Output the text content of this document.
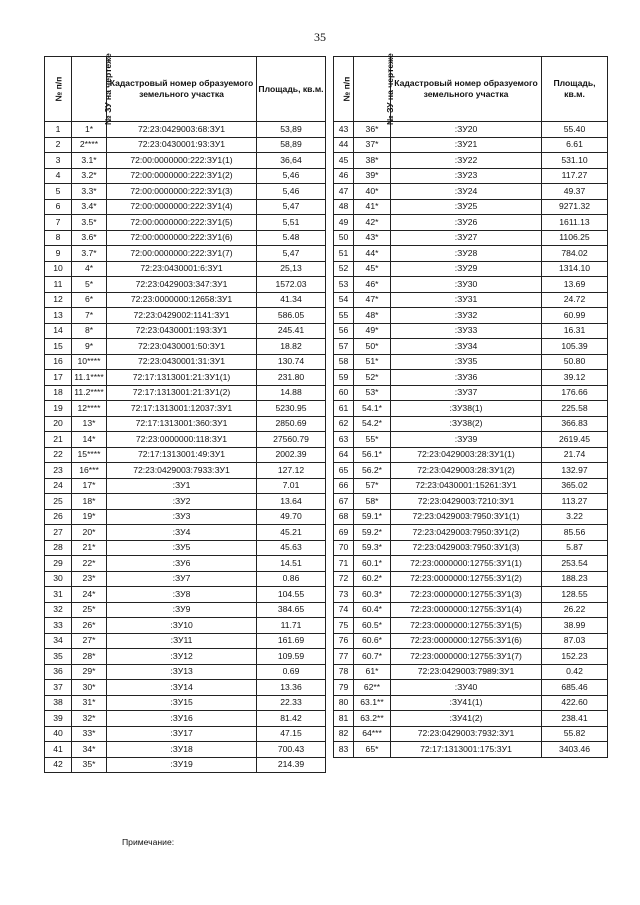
35
№ п/п	№ ЗУ на чертеже	Кадастровый номер образуемого земельного участка	Площадь, кв.м.
1	1*	72:23:0429003:68:ЗУ1	53,89
2	2****	72:23:0430001:93:ЗУ1	58,89
3	3.1*	72:00:0000000:222:ЗУ1(1)	36,64
4	3.2*	72:00:0000000:222:ЗУ1(2)	5,46
5	3.3*	72:00:0000000:222:ЗУ1(3)	5,46
6	3.4*	72:00:0000000:222:ЗУ1(4)	5,47
7	3.5*	72:00:0000000:222:ЗУ1(5)	5,51
8	3.6*	72:00:0000000:222:ЗУ1(6)	5.48
9	3.7*	72:00:0000000:222:ЗУ1(7)	5,47
10	4*	72:23:0430001:6:ЗУ1	25,13
11	5*	72:23:0429003:347:ЗУ1	1572.03
12	6*	72:23:0000000:12658:ЗУ1	41.34
13	7*	72:23:0429002:1141:ЗУ1	586.05
14	8*	72:23:0430001:193:ЗУ1	245.41
15	9*	72:23:0430001:50:ЗУ1	18.82
16	10****	72:23:0430001:31:ЗУ1	130.74
17	11.1****	72:17:1313001:21:ЗУ1(1)	231.80
18	11.2****	72:17:1313001:21:ЗУ1(2)	14.88
19	12****	72:17:1313001:12037:ЗУ1	5230.95
20	13*	72:17:1313001:360:ЗУ1	2850.69
21	14*	72:23:0000000:118:ЗУ1	27560.79
22	15****	72:17:1313001:49:ЗУ1	2002.39
23	16***	72:23:0429003:7933:ЗУ1	127.12
24	17*	:ЗУ1	7.01
25	18*	:ЗУ2	13.64
26	19*	:ЗУ3	49.70
27	20*	:ЗУ4	45.21
28	21*	:ЗУ5	45.63
29	22*	:ЗУ6	14.51
30	23*	:ЗУ7	0.86
31	24*	:ЗУ8	104.55
32	25*	:ЗУ9	384.65
33	26*	:ЗУ10	11.71
34	27*	:ЗУ11	161.69
35	28*	:ЗУ12	109.59
36	29*	:ЗУ13	0.69
37	30*	:ЗУ14	13.36
38	31*	:ЗУ15	22.33
39	32*	:ЗУ16	81.42
40	33*	:ЗУ17	47.15
41	34*	:ЗУ18	700.43
42	35*	:ЗУ19	214.39
№ п/п	№ ЗУ на чертеже	Кадастровый номер образуемого земельного участка	Площадь, кв.м.
43	36*	:ЗУ20	55.40
44	37*	:ЗУ21	6.61
45	38*	:ЗУ22	531.10
46	39*	:ЗУ23	117.27
47	40*	:ЗУ24	49.37
48	41*	:ЗУ25	9271.32
49	42*	:ЗУ26	1611.13
50	43*	:ЗУ27	1106.25
51	44*	:ЗУ28	784.02
52	45*	:ЗУ29	1314.10
53	46*	:ЗУ30	13.69
54	47*	:ЗУ31	24.72
55	48*	:ЗУ32	60.99
56	49*	:ЗУ33	16.31
57	50*	:ЗУ34	105.39
58	51*	:ЗУ35	50.80
59	52*	:ЗУ36	39.12
60	53*	:ЗУ37	176.66
61	54.1*	:ЗУ38(1)	225.58
62	54.2*	:ЗУ38(2)	366.83
63	55*	:ЗУ39	2619.45
64	56.1*	72:23:0429003:28:ЗУ1(1)	21.74
65	56.2*	72:23:0429003:28:ЗУ1(2)	132.97
66	57*	72:23:0430001:15261:ЗУ1	365.02
67	58*	72:23:0429003:7210:ЗУ1	113.27
68	59.1*	72:23:0429003:7950:ЗУ1(1)	3.22
69	59.2*	72:23:0429003:7950:ЗУ1(2)	85.56
70	59.3*	72:23:0429003:7950:ЗУ1(3)	5.87
71	60.1*	72:23:0000000:12755:ЗУ1(1)	253.54
72	60.2*	72:23:0000000:12755:ЗУ1(2)	188.23
73	60.3*	72:23:0000000:12755:ЗУ1(3)	128.55
74	60.4*	72:23:0000000:12755:ЗУ1(4)	26.22
75	60.5*	72:23:0000000:12755:ЗУ1(5)	38.99
76	60.6*	72:23:0000000:12755:ЗУ1(6)	87.03
77	60.7*	72:23:0000000:12755:ЗУ1(7)	152.23
78	61*	72:23:0429003:7989:ЗУ1	0.42
79	62**	:ЗУ40	685.46
80	63.1**	:ЗУ41(1)	422.60
81	63.2**	:ЗУ41(2)	238.41
82	64***	72:23:0429003:7932:ЗУ1	55.82
83	65*	72:17:1313001:175:ЗУ1	3403.46
Примечание:
